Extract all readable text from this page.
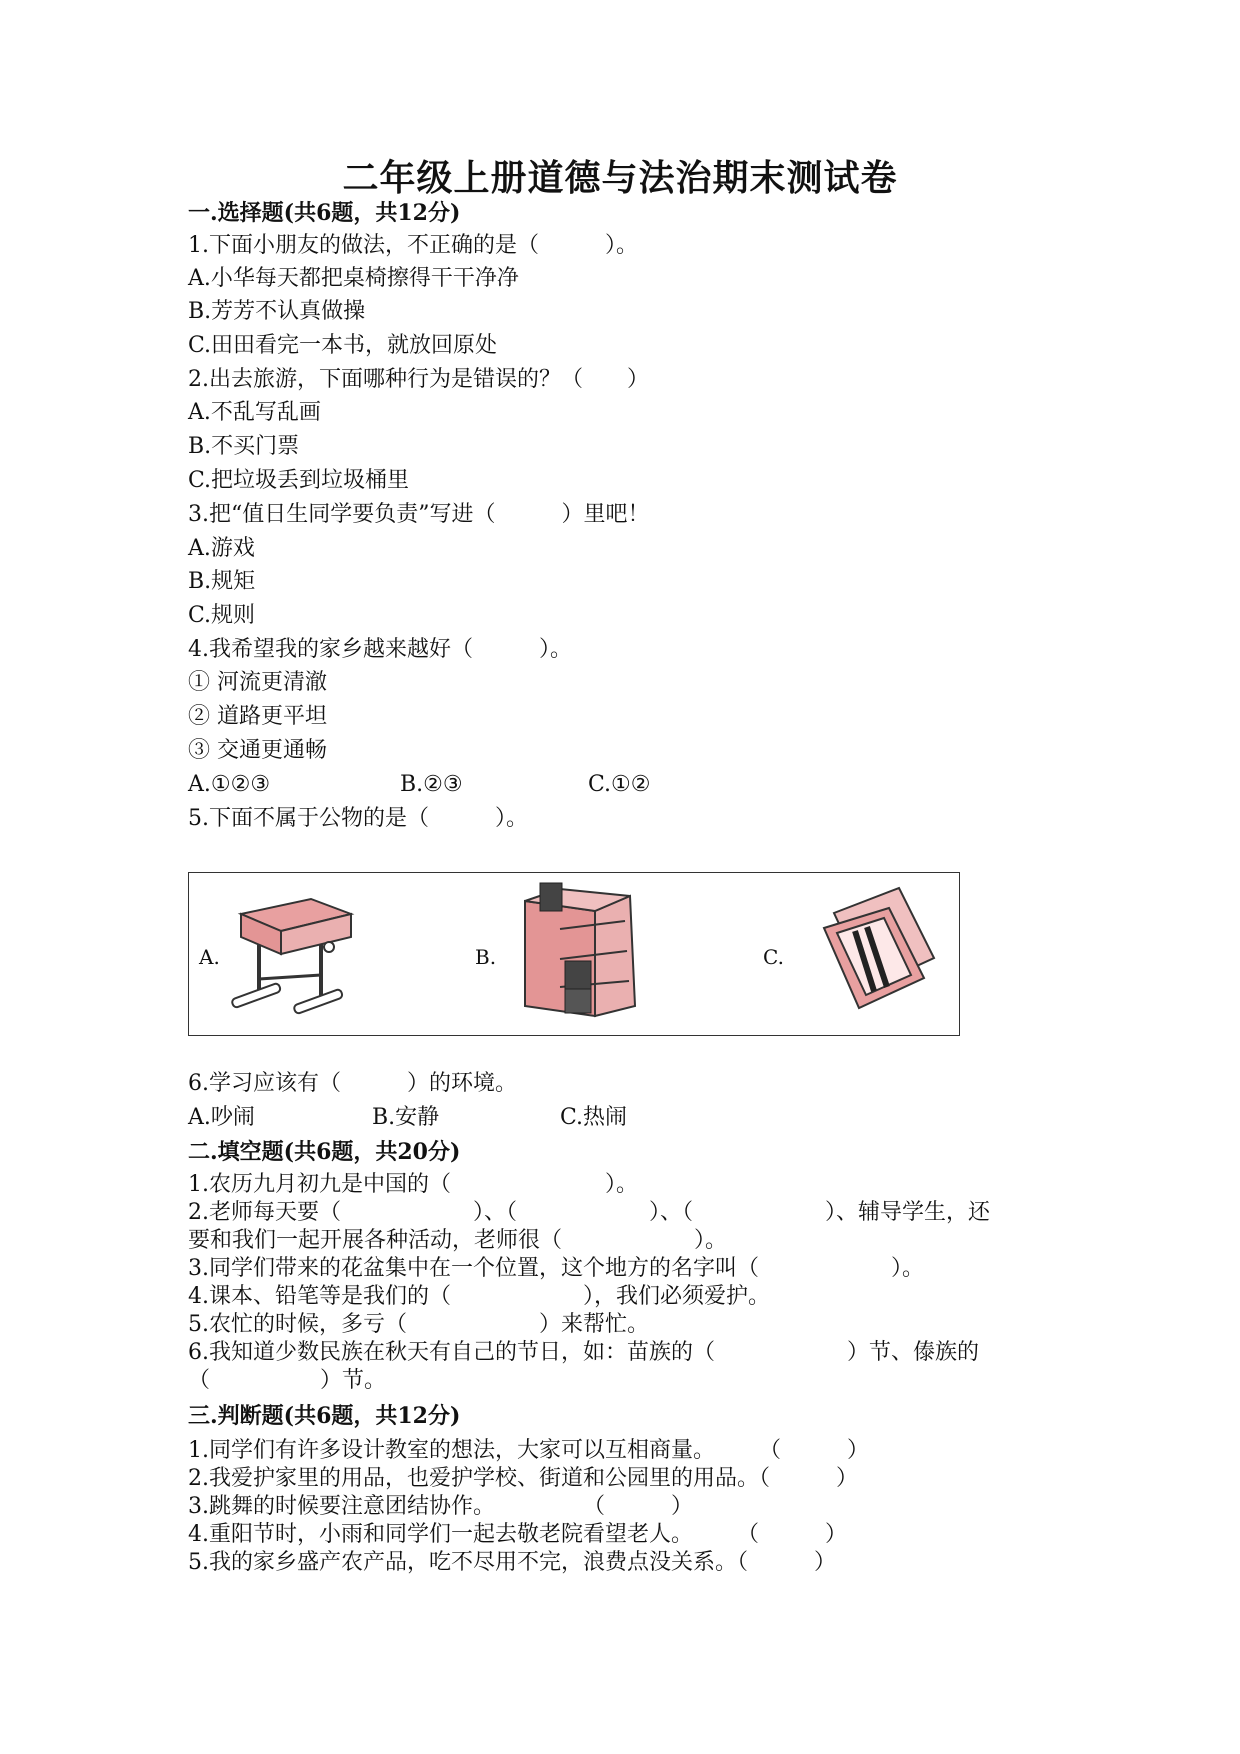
二年级上册道德与法治期末测试卷
一.选择题(共6题，共12分)
1.下面小朋友的做法，不正确的是（　　　）。
A.小华每天都把桌椅擦得干干净净
B.芳芳不认真做操
C.田田看完一本书，就放回原处
2.出去旅游，下面哪种行为是错误的？（　　）
A.不乱写乱画
B.不买门票
C.把垃圾丢到垃圾桶里
3.把“值日生同学要负责”写进（　　　）里吧！
A.游戏
B.规矩
C.规则
4.我希望我的家乡越来越好（　　　）。
① 河流更清澈
② 道路更平坦
③ 交通更通畅
A.①②③	B.②③	C.①②
5.下面不属于公物的是（　　　）。
A.	B.	C.
6.学习应该有（　　　）的环境。
A.吵闹	B.安静	C.热闹
二.填空题(共6题，共20分)
1.农历九月初九是中国的（　　　　　　　）。
2.老师每天要（　　　　　　）、（　　　　　　）、（　　　　　　）、辅导学生，还
要和我们一起开展各种活动，老师很（　　　　　　）。
3.同学们带来的花盆集中在一个位置，这个地方的名字叫（　　　　　　）。
4.课本、铅笔等是我们的（　　　　　　），我们必须爱护。
5.农忙的时候，多亏（　　　　　　）来帮忙。
6.我知道少数民族在秋天有自己的节日，如：苗族的（　　　　　　）节、傣族的
（　　　　　）节。
三.判断题(共6题，共12分)
1.同学们有许多设计教室的想法，大家可以互相商量。　　　（　　　）
2.我爱护家里的用品，也爱护学校、街道和公园里的用品。（　　　）
3.跳舞的时候要注意团结协作。　　　　　（　　　）
4.重阳节时，小雨和同学们一起去敬老院看望老人。　　　（　　　）
5.我的家乡盛产农产品，吃不尽用不完，浪费点没关系。（　　　）
